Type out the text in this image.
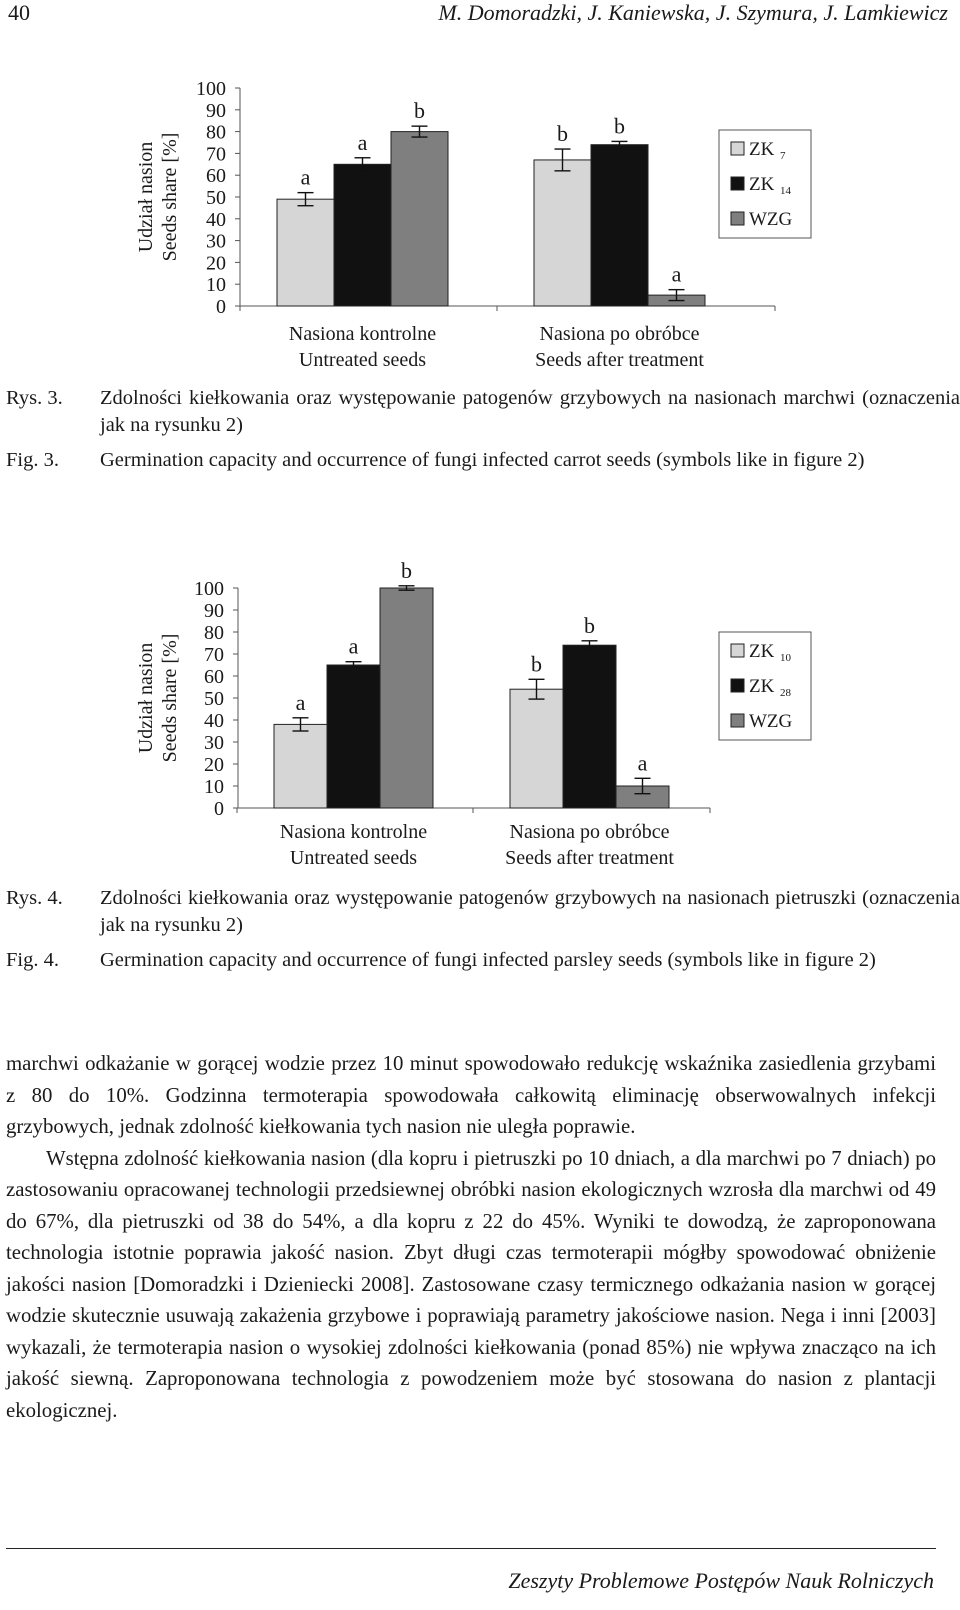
40	M. Domoradzki, J. Kaniewska, J. Szymura, J. Lamkiewicz
0
10
20
30
40
50
60
70
80
90
100
Udział nasion Seeds share [%]	a
a
b
Nasiona kontrolne
Untreated seeds
b b
a
Nasiona po obróbce
Seeds after treatment
ZK 7
ZK 14
WZG
Rys. 3. Zdolności kiełkowania oraz występowanie patogenów grzybowych na nasionach marchwi (oznaczenia jak na rysunku 2)
Fig. 3. Germination capacity and occurrence of fungi infected carrot seeds (symbols like in figure 2)
0
10
20
30
40
50
60
70
80
90
100
Udział nasion Seeds share [%]	a
a
b
Nasiona kontrolne
Untreated seeds
b
b
a
Nasiona po obróbce
Seeds after treatment
ZK 10
ZK 28
WZG
Rys. 4. Zdolności kiełkowania oraz występowanie patogenów grzybowych na nasionach pietruszki (oznaczenia jak na rysunku 2)
Fig. 4. Germination capacity and occurrence of fungi infected parsley seeds (symbols like in figure 2)

marchwi odkażanie w gorącej wodzie przez 10 minut spowodowało redukcję wskaźnika zasiedlenia grzybami z 80 do 10%. Godzinna termoterapia spowodowała całkowitą eliminację obserwowalnych infekcji grzybowych, jednak zdolność kiełkowania tych nasion nie uległa poprawie.

Wstępna zdolność kiełkowania nasion (dla kopru i pietruszki po 10 dniach, a dla marchwi po 7 dniach) po zastosowaniu opracowanej technologii przedsiewnej obróbki nasion ekologicznych wzrosła dla marchwi od 49 do 67%, dla pietruszki od 38 do 54%, a dla kopru z 22 do 45%. Wyniki te dowodzą, że zaproponowana technologia istotnie poprawia jakość nasion. Zbyt długi czas termoterapii mógłby spowodować obniżenie jakości nasion [Domoradzki i Dzieniecki 2008]. Zastosowane czasy termicznego odkażania nasion w gorącej wodzie skutecznie usuwają zakażenia grzybowe i poprawiają parametry jakościowe nasion. Nega i inni [2003] wykazali, że termoterapia nasion o wysokiej zdolności kiełkowania (ponad 85%) nie wpływa znacząco na ich jakość siewną. Zaproponowana technologia z powodzeniem może być stosowana do nasion z plantacji ekologicznej.

Zeszyty Problemowe Postępów Nauk Rolniczych
